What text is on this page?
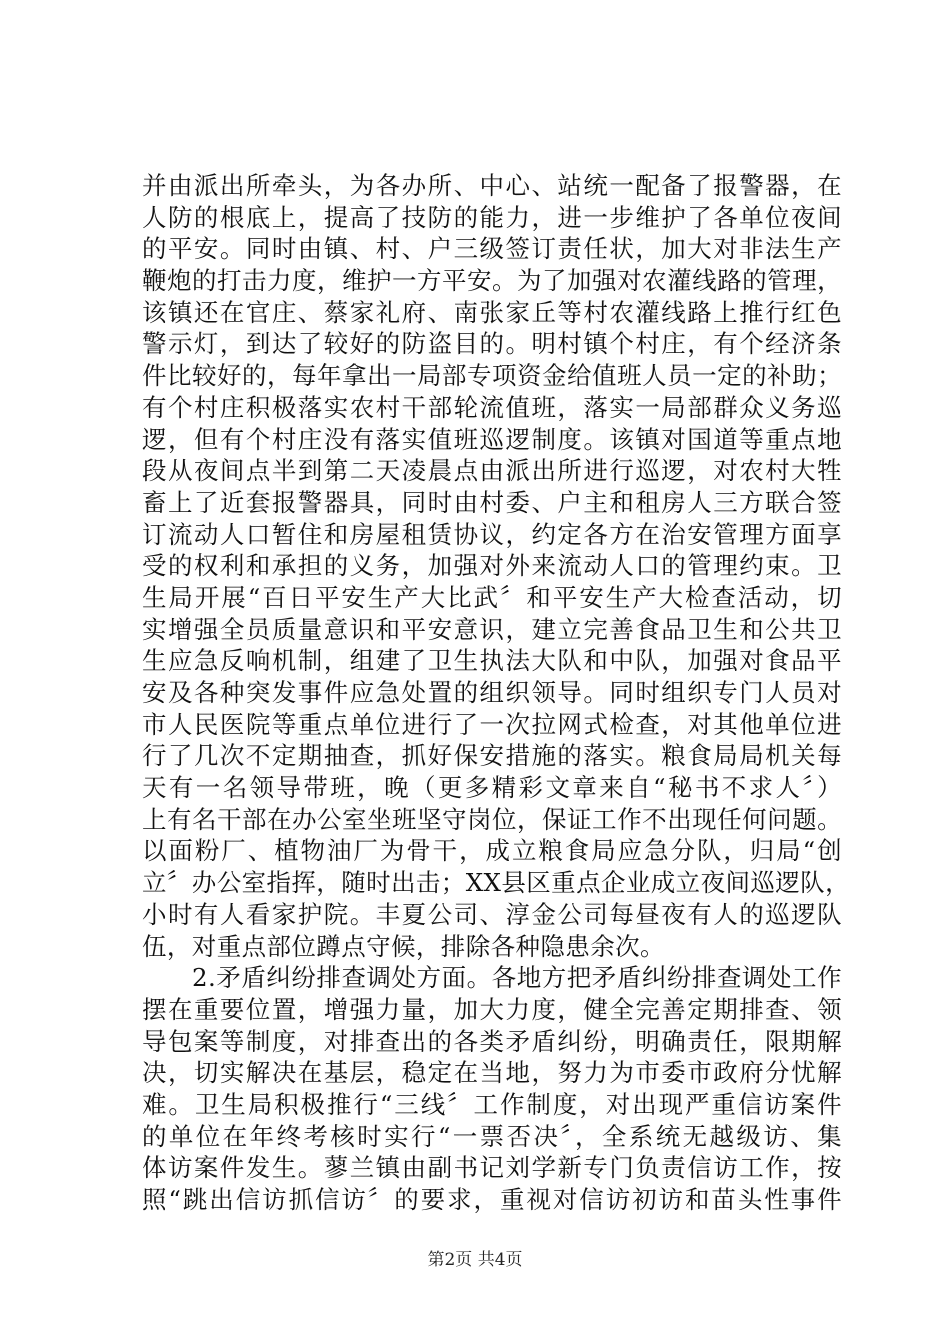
并由派出所牵头，为各办所、中心、站统一配备了报警器，在
人防的根底上，提高了技防的能力，进一步维护了各单位夜间
的平安。同时由镇、村、户三级签订责任状，加大对非法生产
鞭炮的打击力度，维护一方平安。为了加强对农灌线路的管理，
该镇还在官庄、蔡家礼府、南张家丘等村农灌线路上推行红色
警示灯，到达了较好的防盗目的。明村镇个村庄，有个经济条
件比较好的，每年拿出一局部专项资金给值班人员一定的补助；
有个村庄积极落实农村干部轮流值班，落实一局部群众义务巡
逻，但有个村庄没有落实值班巡逻制度。该镇对国道等重点地
段从夜间点半到第二天凌晨点由派出所进行巡逻，对农村大牲
畜上了近套报警器具，同时由村委、户主和租房人三方联合签
订流动人口暂住和房屋租赁协议，约定各方在治安管理方面享
受的权利和承担的义务，加强对外来流动人口的管理约束。卫
生局开展“百日平安生产大比武〞和平安生产大检查活动，切
实增强全员质量意识和平安意识，建立完善食品卫生和公共卫
生应急反响机制，组建了卫生执法大队和中队，加强对食品平
安及各种突发事件应急处置的组织领导。同时组织专门人员对
市人民医院等重点单位进行了一次拉网式检查，对其他单位进
行了几次不定期抽查，抓好保安措施的落实。粮食局局机关每
天有一名领导带班，晚（更多精彩文章来自“秘书不求人〞）
上有名干部在办公室坐班坚守岗位，保证工作不出现任何问题。
以面粉厂、植物油厂为骨干，成立粮食局应急分队，归局“创
立〞办公室指挥，随时出击；XX县区重点企业成立夜间巡逻队，
小时有人看家护院。丰夏公司、淳金公司每昼夜有人的巡逻队
伍，对重点部位蹲点守候，排除各种隐患余次。
2.矛盾纠纷排查调处方面。各地方把矛盾纠纷排查调处工作
摆在重要位置，增强力量，加大力度，健全完善定期排查、领
导包案等制度，对排查出的各类矛盾纠纷，明确责任，限期解
决，切实解决在基层，稳定在当地，努力为市委市政府分忧解
难。卫生局积极推行“三线〞工作制度，对出现严重信访案件
的单位在年终考核时实行“一票否决〞，全系统无越级访、集
体访案件发生。蓼兰镇由副书记刘学新专门负责信访工作，按
照“跳出信访抓信访〞的要求，重视对信访初访和苗头性事件
第2页 共4页
